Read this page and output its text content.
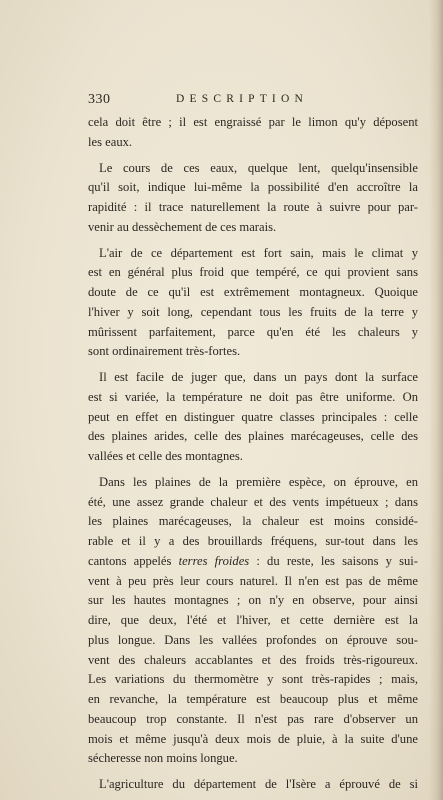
330	DESCRIPTION
cela doit être ; il est engraissé par le limon qu'y déposent
les eaux.
Le cours de ces eaux, quelque lent, quelqu'insensible
qu'il soit, indique lui-même la possibilité d'en accroître la
rapidité : il trace naturellement la route à suivre pour par-
venir au dessèchement de ces marais.
L'air de ce département est fort sain, mais le climat y
est en général plus froid que tempéré, ce qui provient sans
doute de ce qu'il est extrêmement montagneux. Quoique
l'hiver y soit long, cependant tous les fruits de la terre y
mûrissent parfaitement, parce qu'en été les chaleurs y
sont ordinairement très-fortes.
Il est facile de juger que, dans un pays dont la surface
est si variée, la température ne doit pas être uniforme. On
peut en effet en distinguer quatre classes principales : celle
des plaines arides, celle des plaines marécageuses, celle des
vallées et celle des montagnes.
Dans les plaines de la première espèce, on éprouve, en
été, une assez grande chaleur et des vents impétueux ; dans
les plaines marécageuses, la chaleur est moins considé-
rable et il y a des brouillards fréquens, sur-tout dans les
cantons appelés terres froides : du reste, les saisons y sui-
vent à peu près leur cours naturel. Il n'en est pas de même
sur les hautes montagnes ; on n'y en observe, pour ainsi
dire, que deux, l'été et l'hiver, et cette dernière est la
plus longue. Dans les vallées profondes on éprouve sou-
vent des chaleurs accablantes et des froids très-rigoureux.
Les variations du thermomètre y sont très-rapides ; mais,
en revanche, la température est beaucoup plus et même
beaucoup trop constante. Il n'est pas rare d'observer un
mois et même jusqu'à deux mois de pluie, à la suite d'une
sécheresse non moins longue.
L'agriculture du département de l'Isère a éprouvé de si
